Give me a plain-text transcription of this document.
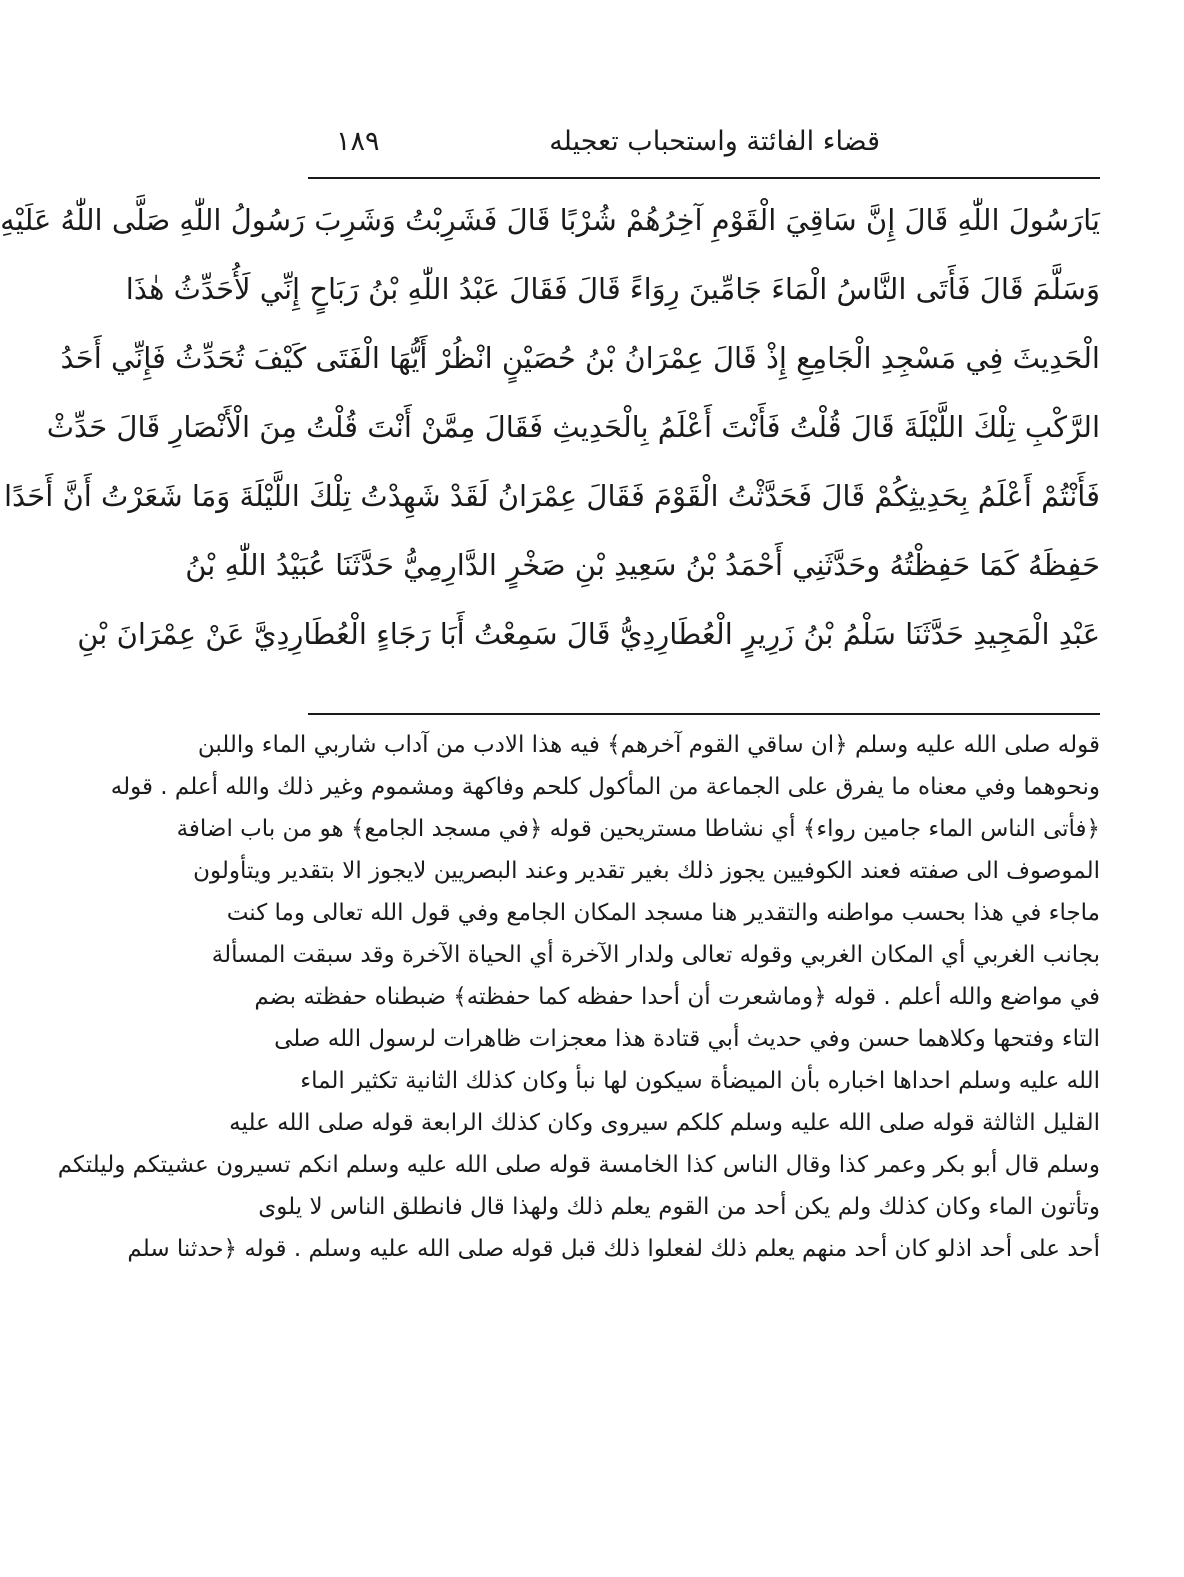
قضاء الفائتة واستحباب تعجيله
١٨٩
يَارَسُولَ اللّٰهِ قَالَ إِنَّ سَاقِيَ الْقَوْمِ آخِرُهُمْ شُرْبًا قَالَ فَشَرِبْتُ وَشَرِبَ رَسُولُ اللّٰهِ صَلَّى اللّٰهُ عَلَيْهِ
وَسَلَّمَ قَالَ فَأَتَى النَّاسُ الْمَاءَ جَامِّينَ رِوَاءً قَالَ فَقَالَ عَبْدُ اللّٰهِ بْنُ رَبَاحٍ إِنِّي لَأُحَدِّثُ هٰذَا
الْحَدِيثَ فِي مَسْجِدِ الْجَامِعِ إِذْ قَالَ عِمْرَانُ بْنُ حُصَيْنٍ انْظُرْ أَيُّهَا الْفَتَى كَيْفَ تُحَدِّثُ فَإِنِّي أَحَدُ
الرَّكْبِ تِلْكَ اللَّيْلَةَ قَالَ قُلْتُ فَأَنْتَ أَعْلَمُ بِالْحَدِيثِ فَقَالَ مِمَّنْ أَنْتَ قُلْتُ مِنَ الْأَنْصَارِ قَالَ حَدِّثْ
فَأَنْتُمْ أَعْلَمُ بِحَدِيثِكُمْ قَالَ فَحَدَّثْتُ الْقَوْمَ فَقَالَ عِمْرَانُ لَقَدْ شَهِدْتُ تِلْكَ اللَّيْلَةَ وَمَا شَعَرْتُ أَنَّ أَحَدًا
حَفِظَهُ كَمَا حَفِظْتُهُ وحَدَّثَنِي أَحْمَدُ بْنُ سَعِيدِ بْنِ صَخْرٍ الدَّارِمِيُّ حَدَّثَنَا عُبَيْدُ اللّٰهِ بْنُ
عَبْدِ الْمَجِيدِ حَدَّثَنَا سَلْمُ بْنُ زَرِيرٍ الْعُطَارِدِيُّ قَالَ سَمِعْتُ أَبَا رَجَاءٍ الْعُطَارِدِيَّ عَنْ عِمْرَانَ بْنِ
قوله صلى الله عليه وسلم ﴿ان ساقي القوم آخرهم﴾ فيه هذا الادب من آداب شاربي الماء واللبن
ونحوهما وفي معناه ما يفرق على الجماعة من المأكول كلحم وفاكهة ومشموم وغير ذلك والله أعلم . قوله
﴿فأتى الناس الماء جامين رواء﴾ أي نشاطا مستريحين قوله ﴿في مسجد الجامع﴾ هو من باب اضافة
الموصوف الى صفته فعند الكوفيين يجوز ذلك بغير تقدير وعند البصريين لايجوز الا بتقدير ويتأولون
ماجاء في هذا بحسب مواطنه والتقدير هنا مسجد المكان الجامع وفي قول الله تعالى وما كنت
بجانب الغربي أي المكان الغربي وقوله تعالى ولدار الآخرة أي الحياة الآخرة وقد سبقت المسألة
في مواضع والله أعلم . قوله ﴿وماشعرت أن أحدا حفظه كما حفظته﴾ ضبطناه حفظته بضم
التاء وفتحها وكلاهما حسن وفي حديث أبي قتادة هذا معجزات ظاهرات لرسول الله صلى
الله عليه وسلم احداها اخباره بأن الميضأة سيكون لها نبأ وكان كذلك الثانية تكثير الماء
القليل الثالثة قوله صلى الله عليه وسلم كلكم سيروى وكان كذلك الرابعة قوله صلى الله عليه
وسلم قال أبو بكر وعمر كذا وقال الناس كذا الخامسة قوله صلى الله عليه وسلم انكم تسيرون عشيتكم وليلتكم
وتأتون الماء وكان كذلك ولم يكن أحد من القوم يعلم ذلك ولهذا قال فانطلق الناس لا يلوى
أحد على أحد اذلو كان أحد منهم يعلم ذلك لفعلوا ذلك قبل قوله صلى الله عليه وسلم . قوله ﴿حدثنا سلم
